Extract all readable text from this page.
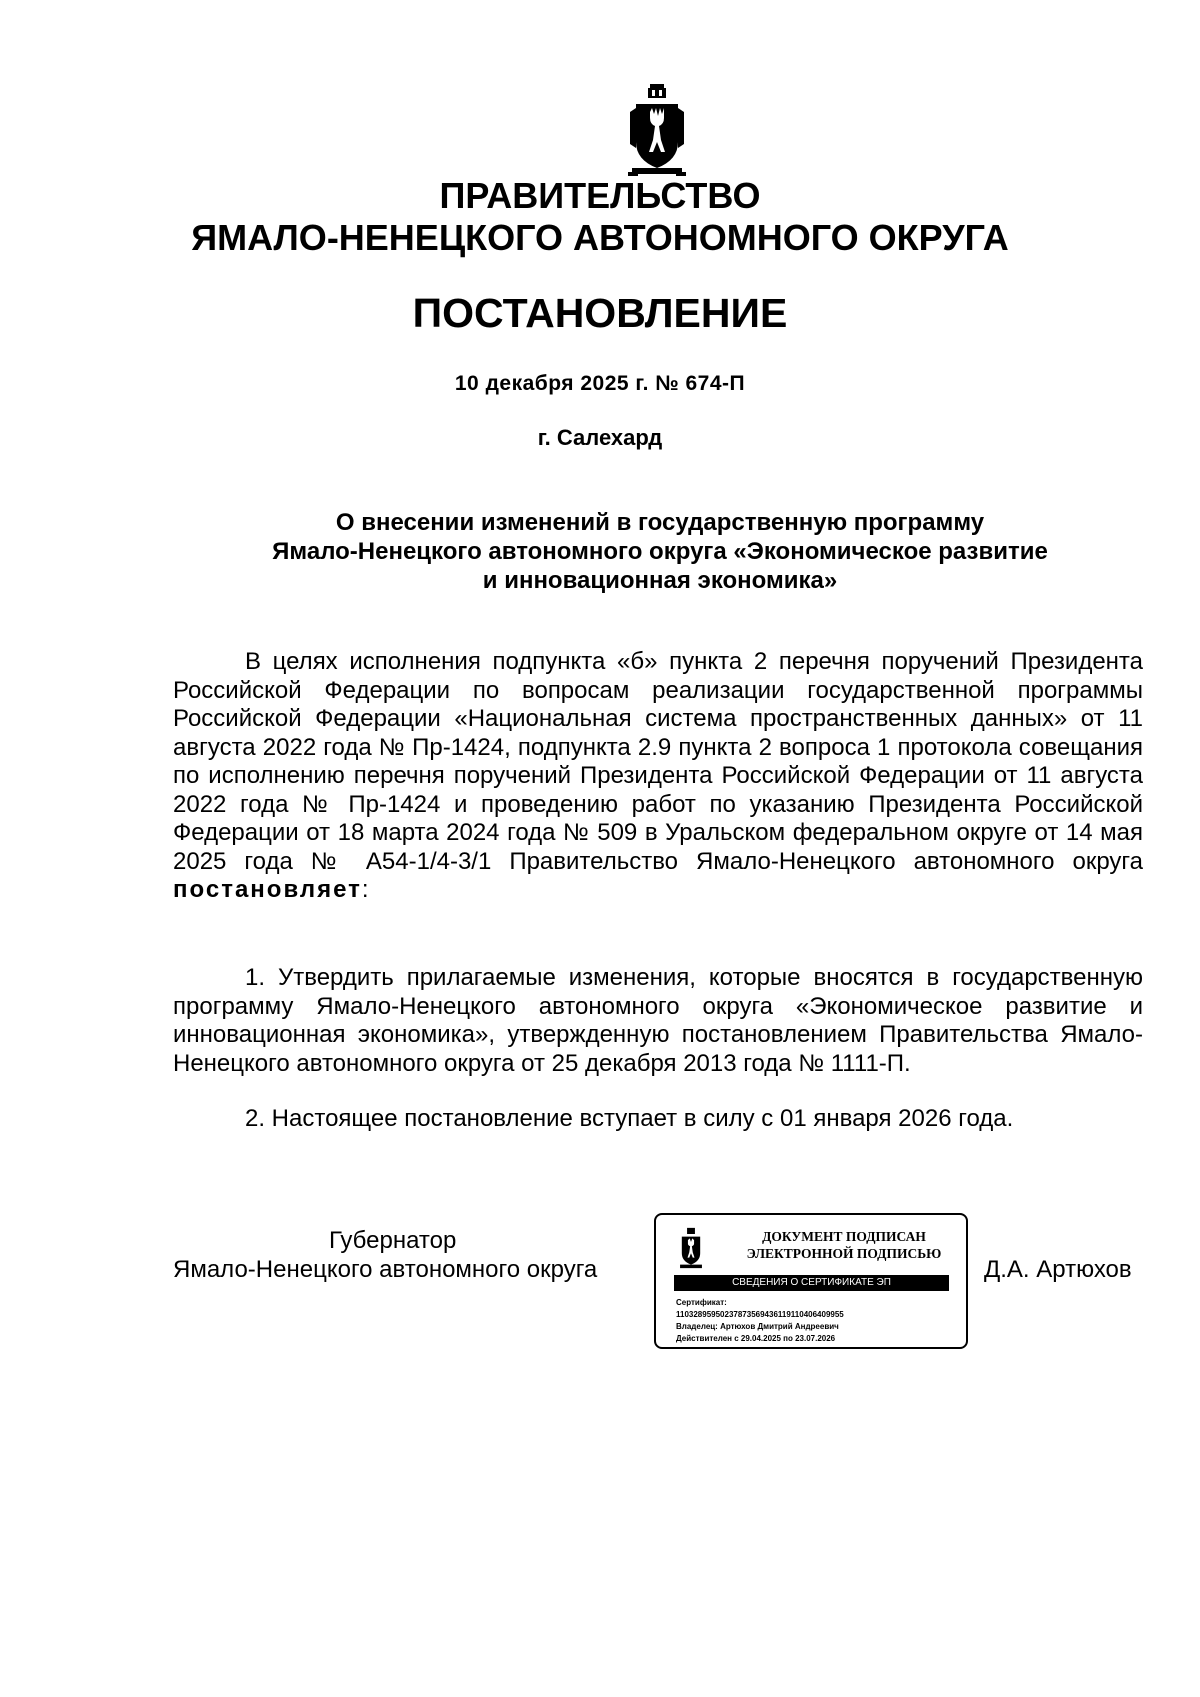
ПРАВИТЕЛЬСТВО
ЯМАЛО-НЕНЕЦКОГО АВТОНОМНОГО ОКРУГА
ПОСТАНОВЛЕНИЕ
10 декабря 2025 г. № 674-П
г. Салехард
О внесении изменений в государственную программу
Ямало-Ненецкого автономного округа «Экономическое развитие
и инновационная экономика»

В целях исполнения подпункта «б» пункта 2 перечня поручений Президента Российской Федерации по вопросам реализации государственной программы Российской Федерации «Национальная система пространственных данных» от 11 августа 2022 года № Пр-1424, подпункта 2.9 пункта 2 вопроса 1 протокола совещания по исполнению перечня поручений Президента Российской Федерации от 11 августа 2022 года № Пр-1424 и проведению работ по указанию Президента Российской Федерации от 18 марта 2024 года № 509 в Уральском федеральном округе от 14 мая 2025 года № А54-1/4-3/1 Правительство Ямало-Ненецкого автономного округа постановляет:

1. Утвердить прилагаемые изменения, которые вносятся в государственную программу Ямало-Ненецкого автономного округа «Экономическое развитие и инновационная экономика», утвержденную постановлением Правительства Ямало-Ненецкого автономного округа от 25 декабря 2013 года № 1111-П.

2. Настоящее постановление вступает в силу с 01 января 2026 года.

Губернатор
Ямало-Ненецкого автономного округа	Д.А. Артюхов
ДОКУМЕНТ ПОДПИСАН
ЭЛЕКТРОННОЙ ПОДПИСЬЮ
СВЕДЕНИЯ О СЕРТИФИКАТЕ ЭП
Сертификат:
11032895950237873569436119110406409955
Владелец: Артюхов Дмитрий Андреевич
Действителен с 29.04.2025 по 23.07.2026
